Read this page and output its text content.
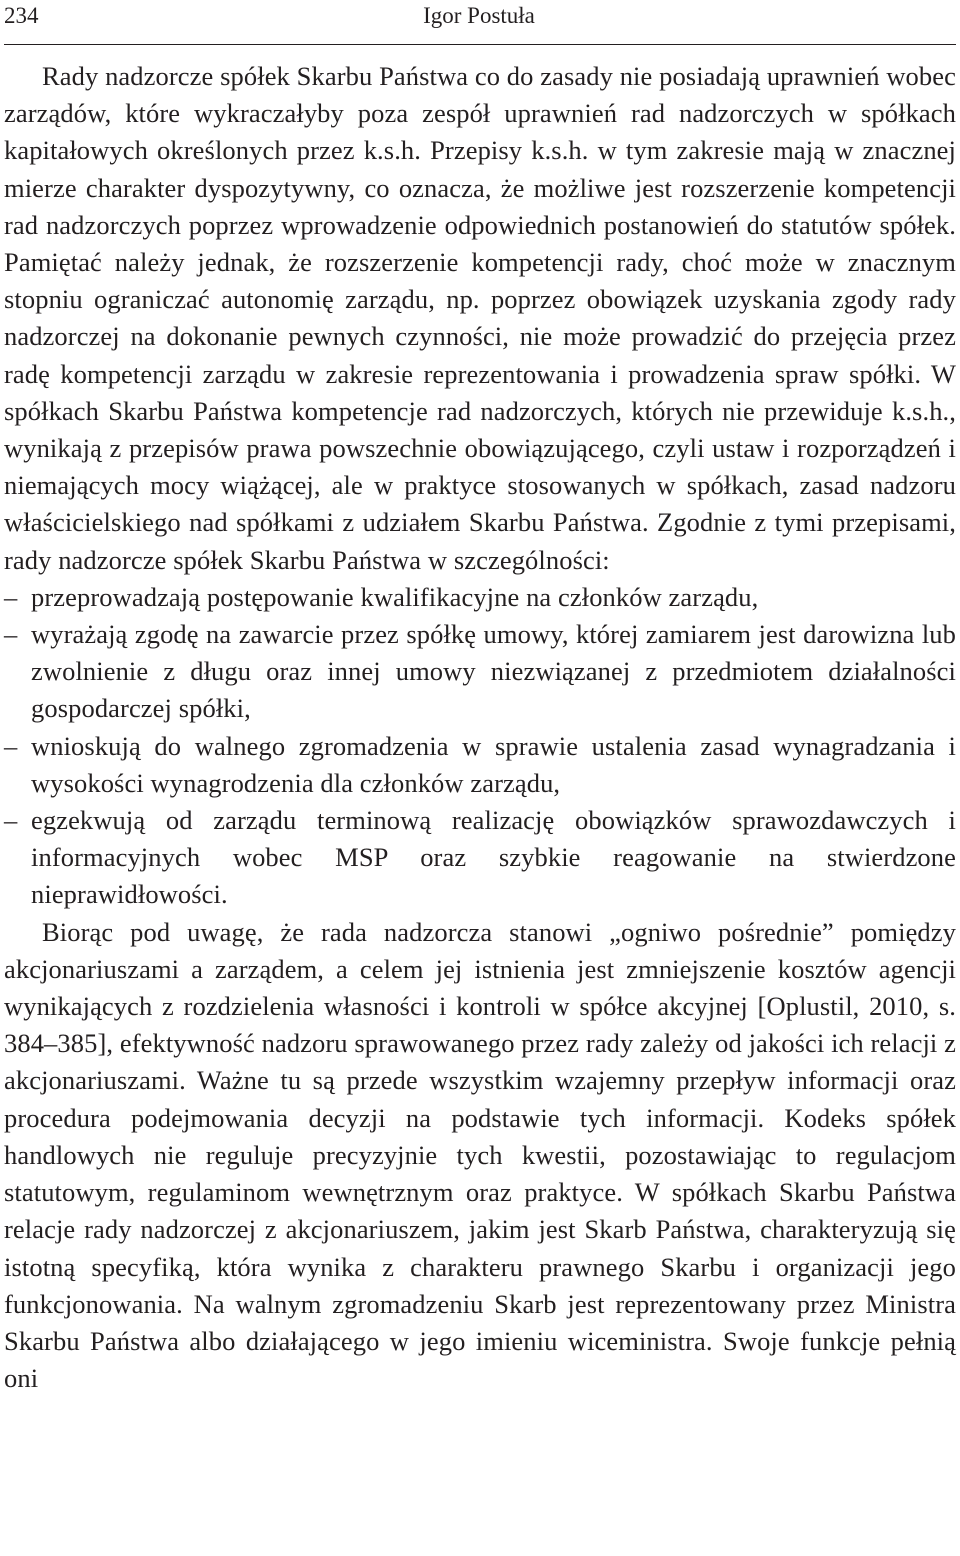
234	Igor Postuła

Rady nadzorcze spółek Skarbu Państwa co do zasady nie posiadają uprawnień wobec zarządów, które wykraczałyby poza zespół uprawnień rad nadzorczych w spółkach kapitałowych określonych przez k.s.h. Przepisy k.s.h. w tym zakresie mają w znacznej mierze charakter dyspozytywny, co oznacza, że możliwe jest rozszerzenie kompetencji rad nadzorczych poprzez wprowadzenie odpowiednich postanowień do statutów spółek. Pamiętać należy jednak, że rozszerzenie kompetencji rady, choć może w znacznym stopniu ograniczać autonomię zarządu, np. poprzez obowiązek uzyskania zgody rady nadzorczej na dokonanie pewnych czynności, nie może prowadzić do przejęcia przez radę kompetencji zarządu w zakresie reprezentowania i prowadzenia spraw spółki. W spółkach Skarbu Państwa kompetencje rad nadzorczych, których nie przewiduje k.s.h., wynikają z przepisów prawa powszechnie obowiązującego, czyli ustaw i rozporządzeń i niemających mocy wiążącej, ale w praktyce stosowanych w spółkach, zasad nadzoru właścicielskiego nad spółkami z udziałem Skarbu Państwa. Zgodnie z tymi przepisami, rady nadzorcze spółek Skarbu Państwa w szczególności:

– przeprowadzają postępowanie kwalifikacyjne na członków zarządu,
– wyrażają zgodę na zawarcie przez spółkę umowy, której zamiarem jest darowizna lub zwolnienie z długu oraz innej umowy niezwiązanej z przedmiotem działalności gospodarczej spółki,
– wnioskują do walnego zgromadzenia w sprawie ustalenia zasad wynagradzania i wysokości wynagrodzenia dla członków zarządu,
– egzekwują od zarządu terminową realizację obowiązków sprawozdawczych i informacyjnych wobec MSP oraz szybkie reagowanie na stwierdzone nieprawidłowości.

Biorąc pod uwagę, że rada nadzorcza stanowi „ogniwo pośrednie” pomiędzy akcjonariuszami a zarządem, a celem jej istnienia jest zmniejszenie kosztów agencji wynikających z rozdzielenia własności i kontroli w spółce akcyjnej [Oplustil, 2010, s. 384–385], efektywność nadzoru sprawowanego przez rady zależy od jakości ich relacji z akcjonariuszami. Ważne tu są przede wszystkim wzajemny przepływ informacji oraz procedura podejmowania decyzji na podstawie tych informacji. Kodeks spółek handlowych nie reguluje precyzyjnie tych kwestii, pozostawiając to regulacjom statutowym, regulaminom wewnętrznym oraz praktyce. W spółkach Skarbu Państwa relacje rady nadzorczej z akcjonariuszem, jakim jest Skarb Państwa, charakteryzują się istotną specyfiką, która wynika z charakteru prawnego Skarbu i organizacji jego funkcjonowania. Na walnym zgromadzeniu Skarb jest reprezentowany przez Ministra Skarbu Państwa albo działającego w jego imieniu wiceministra. Swoje funkcje pełnią oni
